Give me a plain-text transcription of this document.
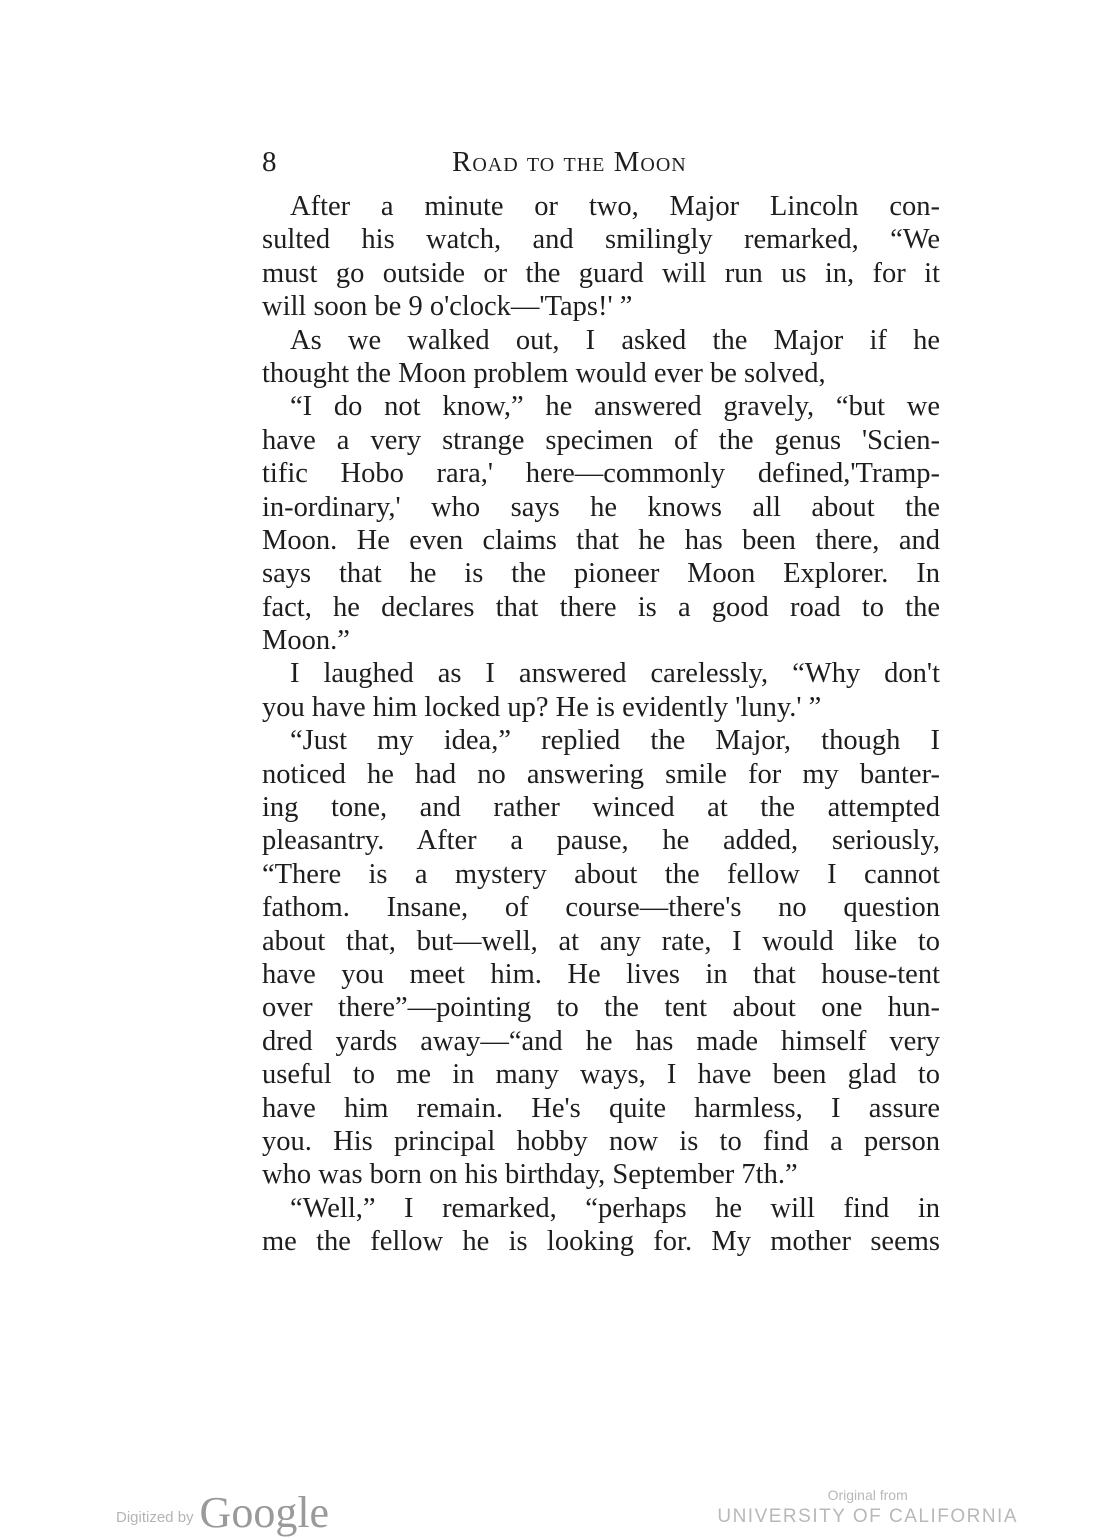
8	Road to the Moon
After a minute or two, Major Lincoln con-
sulted his watch, and smilingly remarked, “We
must go outside or the guard will run us in, for it
will soon be 9 o'clock—'Taps!' ”
As we walked out, I asked the Major if he
thought the Moon problem would ever be solved,
“I do not know,” he answered gravely, “but we
have a very strange specimen of the genus 'Scien-
tific Hobo rara,' here—commonly defined,'Tramp-
in-ordinary,' who says he knows all about the
Moon. He even claims that he has been there, and
says that he is the pioneer Moon Explorer. In
fact, he declares that there is a good road to the
Moon.”
I laughed as I answered carelessly, “Why don't
you have him locked up? He is evidently 'luny.' ”
“Just my idea,” replied the Major, though I
noticed he had no answering smile for my banter-
ing tone, and rather winced at the attempted
pleasantry. After a pause, he added, seriously,
“There is a mystery about the fellow I cannot
fathom. Insane, of course—there's no question
about that, but—well, at any rate, I would like to
have you meet him. He lives in that house-tent
over there”—pointing to the tent about one hun-
dred yards away—“and he has made himself very
useful to me in many ways, I have been glad to
have him remain. He's quite harmless, I assure
you. His principal hobby now is to find a person
who was born on his birthday, September 7th.”
“Well,” I remarked, “perhaps he will find in
me the fellow he is looking for. My mother seems
Digitized by Google	Original from
UNIVERSITY OF CALIFORNIA
